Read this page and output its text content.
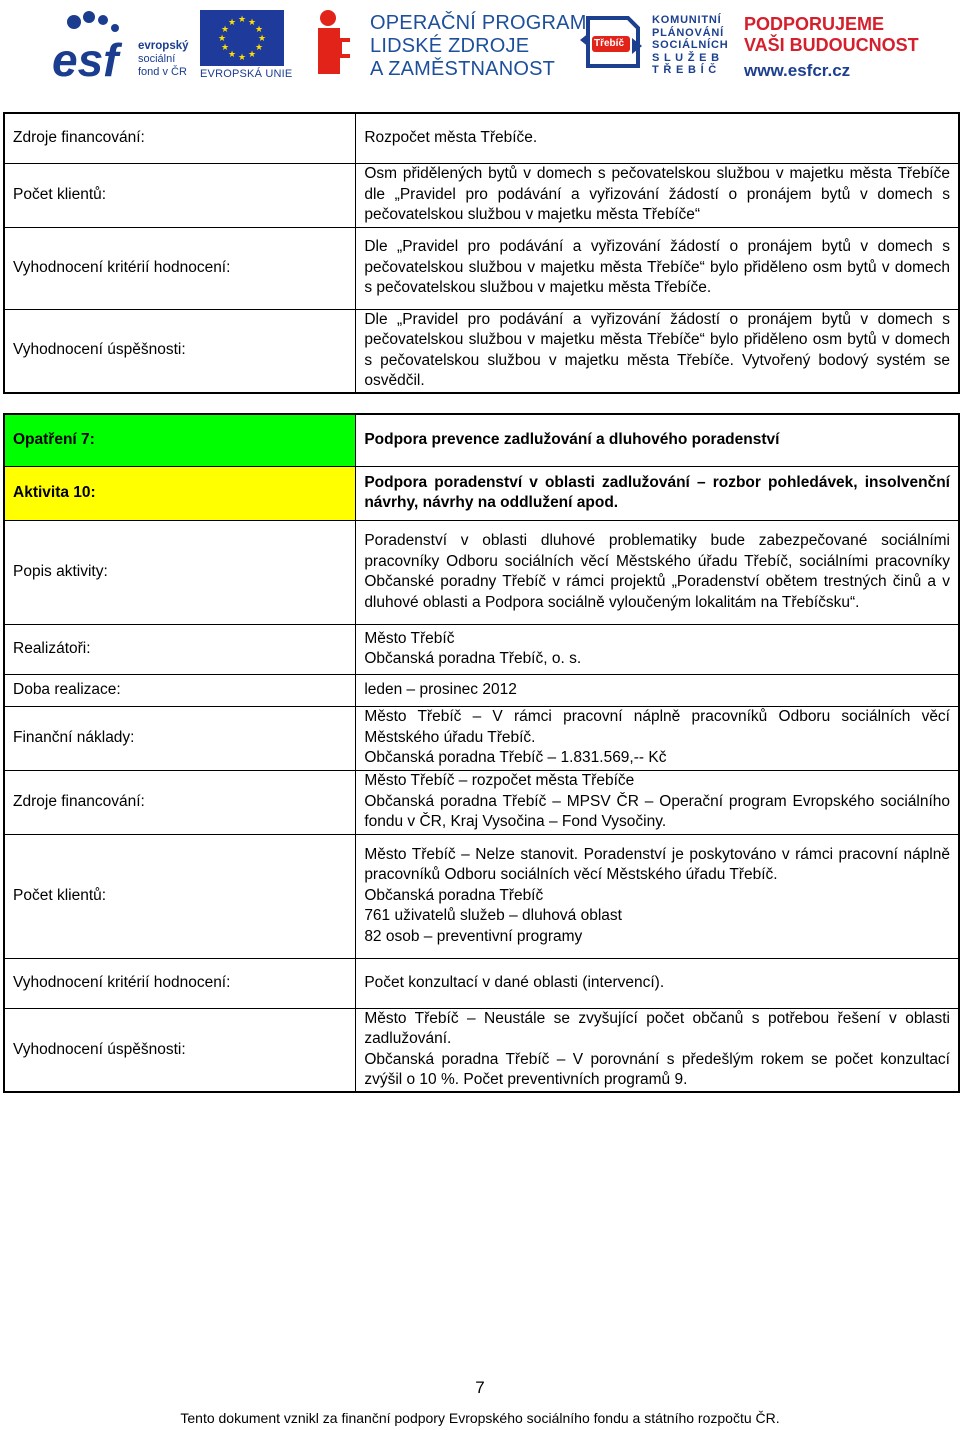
esf	evropský
sociální
fond v ČR
★ ★
★
★
★
★
★
★
★
★
★
★
EVROPSKÁ UNIE
OPERAČNÍ PROGRAM
LIDSKÉ ZDROJE
A ZAMĚSTNANOST
Třebíč
KOMUNITNÍ
PLÁNOVÁNÍ
SOCIÁLNÍCH
S L U Ž E B
T Ř E B Í Č
PODPORUJEME
VAŠI BUDOUCNOST
www.esfcr.cz
Zdroje financování:	Rozpočet města Třebíče.
Počet klientů:	Osm přidělených bytů v domech s pečovatelskou službou v majetku města Třebíče dle „Pravidel pro podávání a vyřizování žádostí o pronájem bytů v domech s pečovatelskou službou v majetku města Třebíče“
Vyhodnocení kritérií hodnocení:	Dle „Pravidel pro podávání a vyřizování žádostí o pronájem bytů v domech s pečovatelskou službou v majetku města Třebíče“ bylo přiděleno osm bytů v domech s pečovatelskou službou v majetku města Třebíče.
Vyhodnocení úspěšnosti:	Dle „Pravidel pro podávání a vyřizování žádostí o pronájem bytů v domech s pečovatelskou službou v majetku města Třebíče“ bylo přiděleno osm bytů v domech s pečovatelskou službou v majetku města Třebíče. Vytvořený bodový systém se osvědčil.
Opatření 7:	Podpora prevence zadlužování a dluhového poradenství
Aktivita 10:	Podpora poradenství v oblasti zadlužování – rozbor pohledávek, insolvenční návrhy, návrhy na oddlužení apod.
Popis aktivity:	Poradenství v oblasti dluhové problematiky bude zabezpečované sociálními pracovníky Odboru sociálních věcí Městského úřadu Třebíč, sociálními pracovníky Občanské poradny Třebíč v rámci projektů „Poradenství obětem trestných činů a v dluhové oblasti a Podpora sociálně vyloučeným lokalitám na Třebíčsku“.
Realizátoři:	Město Třebíč
Občanská poradna Třebíč, o. s.

Doba realizace:	leden – prosinec 2012
Finanční náklady:	Město Třebíč – V rámci pracovní náplně pracovníků Odboru sociálních věcí Městského úřadu Třebíč.
Občanská poradna Třebíč – 1.831.569,-- Kč

Zdroje financování:	Město Třebíč – rozpočet města Třebíče
Občanská poradna Třebíč – MPSV ČR – Operační program Evropského sociálního fondu v ČR, Kraj Vysočina – Fond Vysočiny.

Počet klientů:	Město Třebíč – Nelze stanovit. Poradenství je poskytováno v rámci pracovní náplně pracovníků Odboru sociálních věcí Městského úřadu Třebíč.
Občanská poradna Třebíč
761 uživatelů služeb – dluhová oblast
82 osob – preventivní programy

Vyhodnocení kritérií hodnocení:	Počet konzultací v dané oblasti (intervencí).
Vyhodnocení úspěšnosti:	Město Třebíč – Neustále se zvyšující počet občanů s potřebou řešení v oblasti zadlužování.
Občanská poradna Třebíč – V porovnání s předešlým rokem se počet konzultací zvýšil o 10 %. Počet preventivních programů 9.
7
Tento dokument vznikl za finanční podpory Evropského sociálního fondu a státního rozpočtu ČR.
